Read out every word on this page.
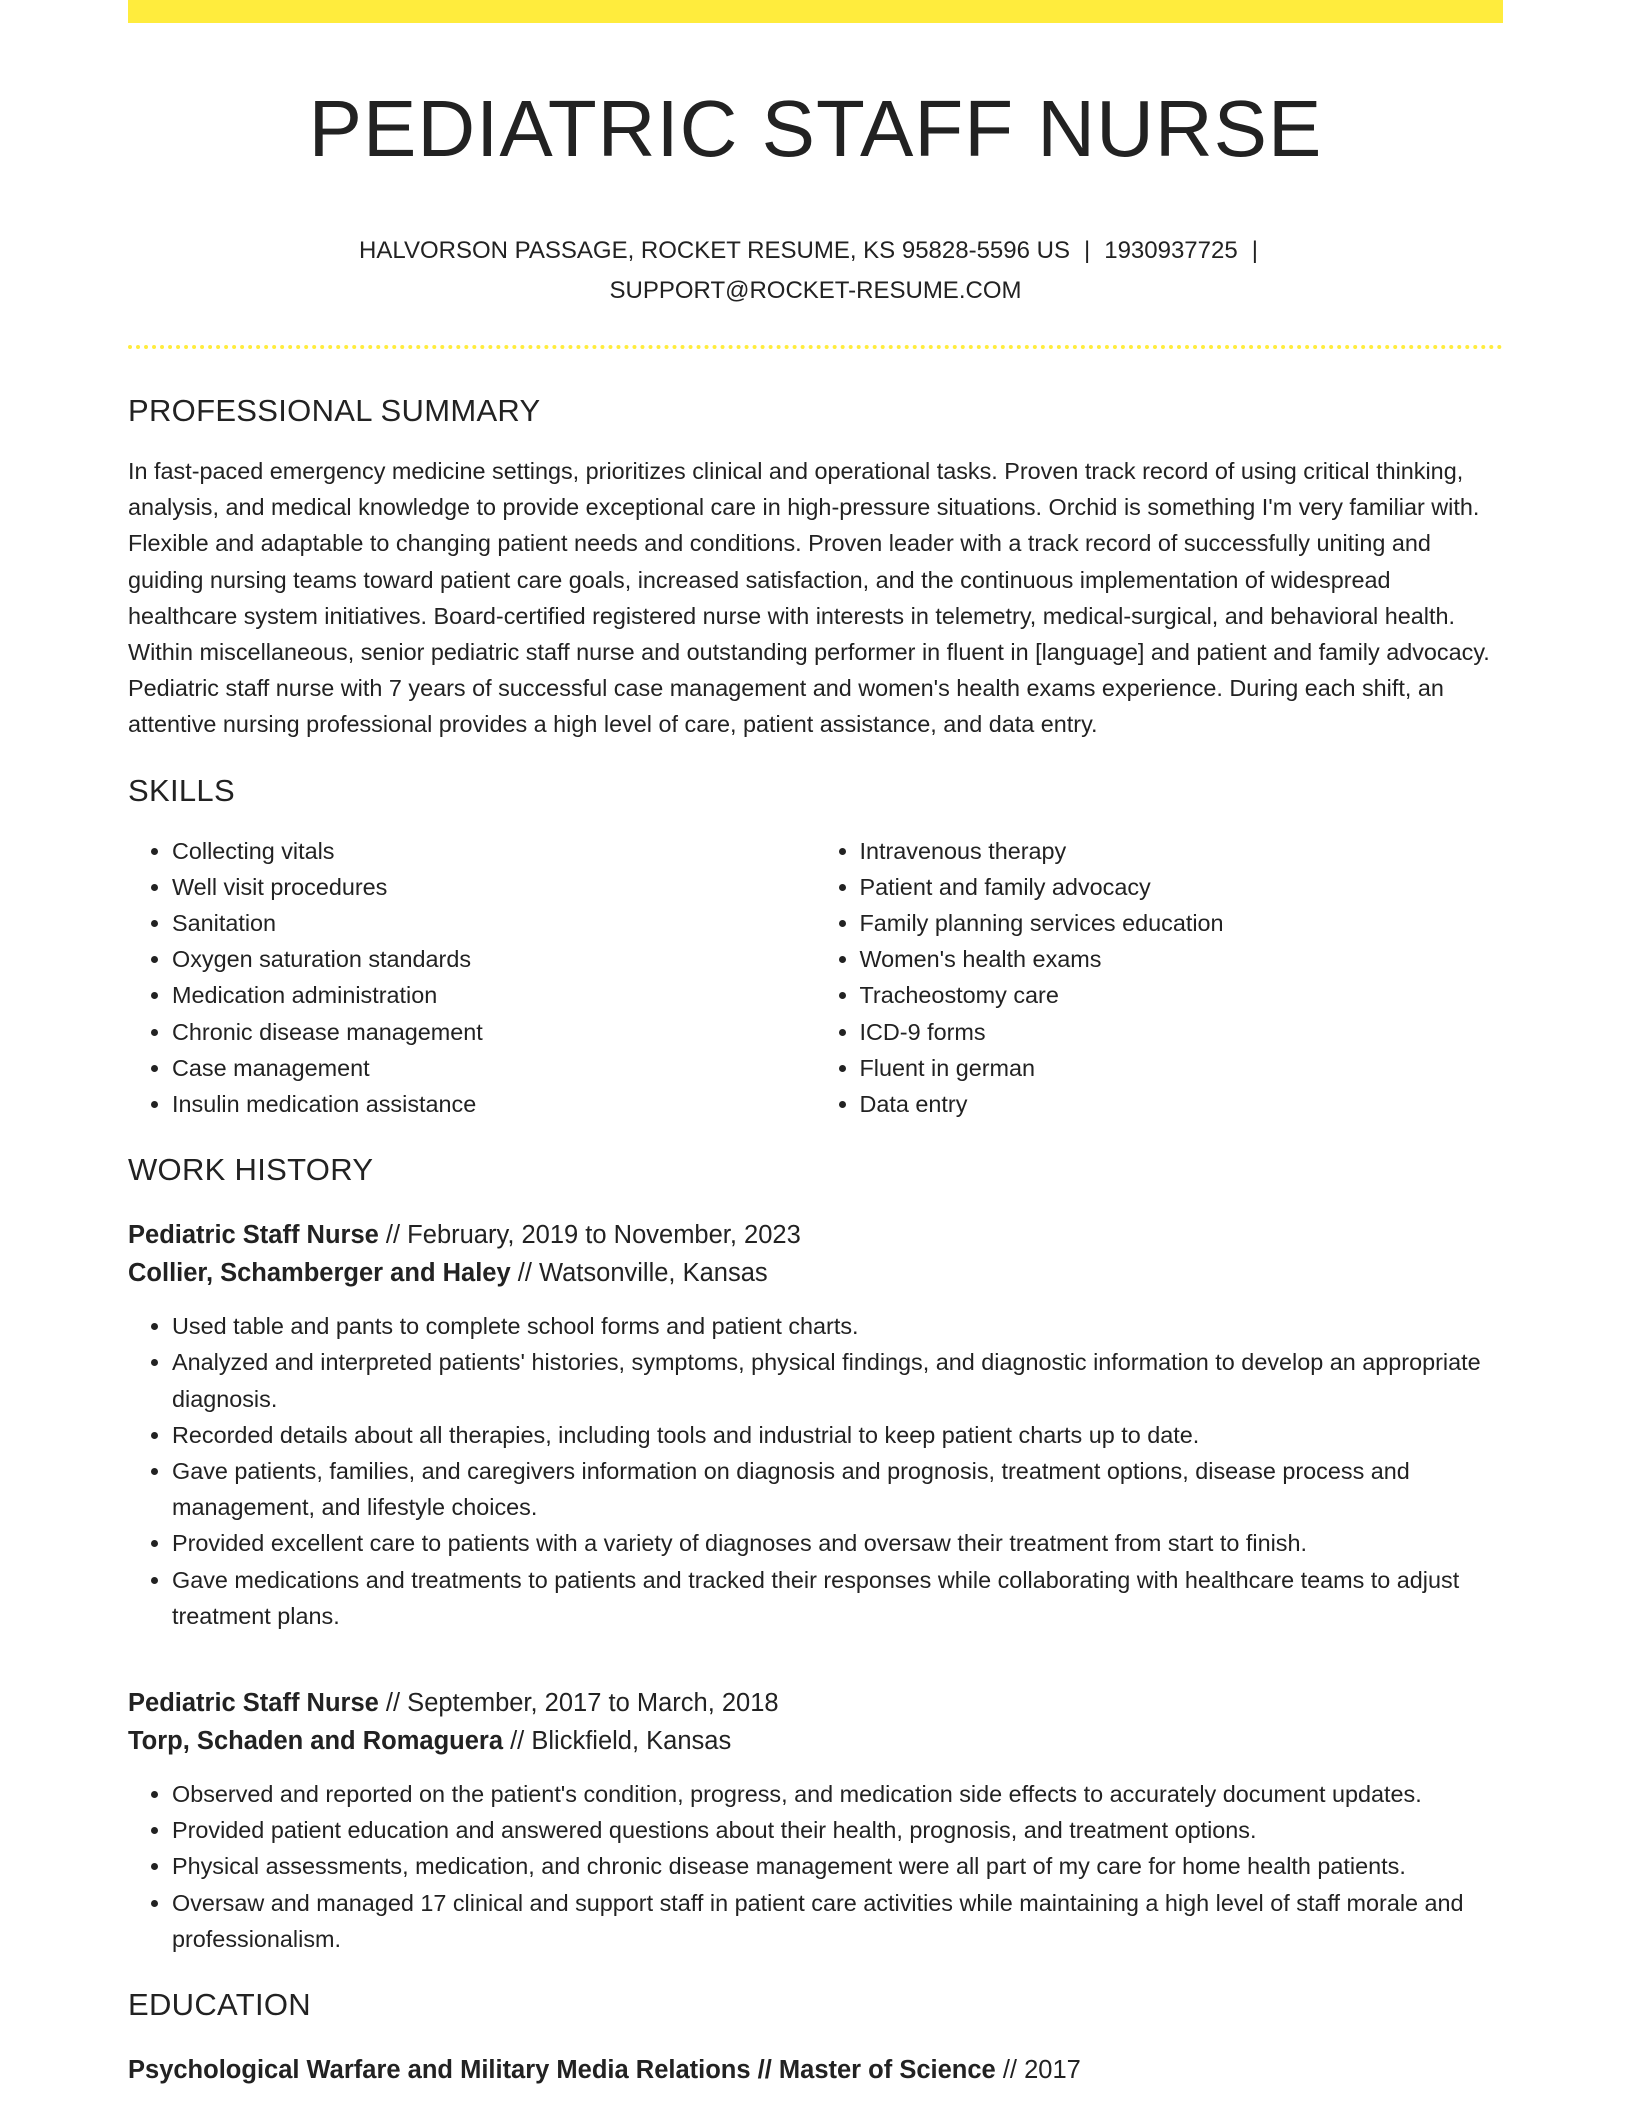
PEDIATRIC STAFF NURSE
HALVORSON PASSAGE, ROCKET RESUME, KS 95828-5596 US | 1930937725 |
SUPPORT@ROCKET-RESUME.COM
PROFESSIONAL SUMMARY

In fast-paced emergency medicine settings, prioritizes clinical and operational tasks. Proven track record of using critical thinking, analysis, and medical knowledge to provide exceptional care in high-pressure situations. Orchid is something I'm very familiar with. Flexible and adaptable to changing patient needs and conditions. Proven leader with a track record of successfully uniting and guiding nursing teams toward patient care goals, increased satisfaction, and the continuous implementation of widespread healthcare system initiatives. Board-certified registered nurse with interests in telemetry, medical-surgical, and behavioral health. Within miscellaneous, senior pediatric staff nurse and outstanding performer in fluent in [language] and patient and family advocacy. Pediatric staff nurse with 7 years of successful case management and women's health exams experience. During each shift, an attentive nursing professional provides a high level of care, patient assistance, and data entry.

SKILLS
• Collecting vitals
• Well visit procedures
• Sanitation
• Oxygen saturation standards
• Medication administration
• Chronic disease management
• Case management
• Insulin medication assistance
• Intravenous therapy
• Patient and family advocacy
• Family planning services education
• Women's health exams
• Tracheostomy care
• ICD-9 forms
• Fluent in german
• Data entry
WORK HISTORY
Pediatric Staff Nurse // February, 2019 to November, 2023
Collier, Schamberger and Haley // Watsonville, Kansas
• Used table and pants to complete school forms and patient charts.
• Analyzed and interpreted patients' histories, symptoms, physical findings, and diagnostic information to develop an appropriate diagnosis.
• Recorded details about all therapies, including tools and industrial to keep patient charts up to date.
• Gave patients, families, and caregivers information on diagnosis and prognosis, treatment options, disease process and management, and lifestyle choices.
• Provided excellent care to patients with a variety of diagnoses and oversaw their treatment from start to finish.
• Gave medications and treatments to patients and tracked their responses while collaborating with healthcare teams to adjust treatment plans.
Pediatric Staff Nurse // September, 2017 to March, 2018
Torp, Schaden and Romaguera // Blickfield, Kansas
• Observed and reported on the patient's condition, progress, and medication side effects to accurately document updates.
• Provided patient education and answered questions about their health, prognosis, and treatment options.
• Physical assessments, medication, and chronic disease management were all part of my care for home health patients.
• Oversaw and managed 17 clinical and support staff in patient care activities while maintaining a high level of staff morale and professionalism.
EDUCATION
Psychological Warfare and Military Media Relations // Master of Science // 2017
